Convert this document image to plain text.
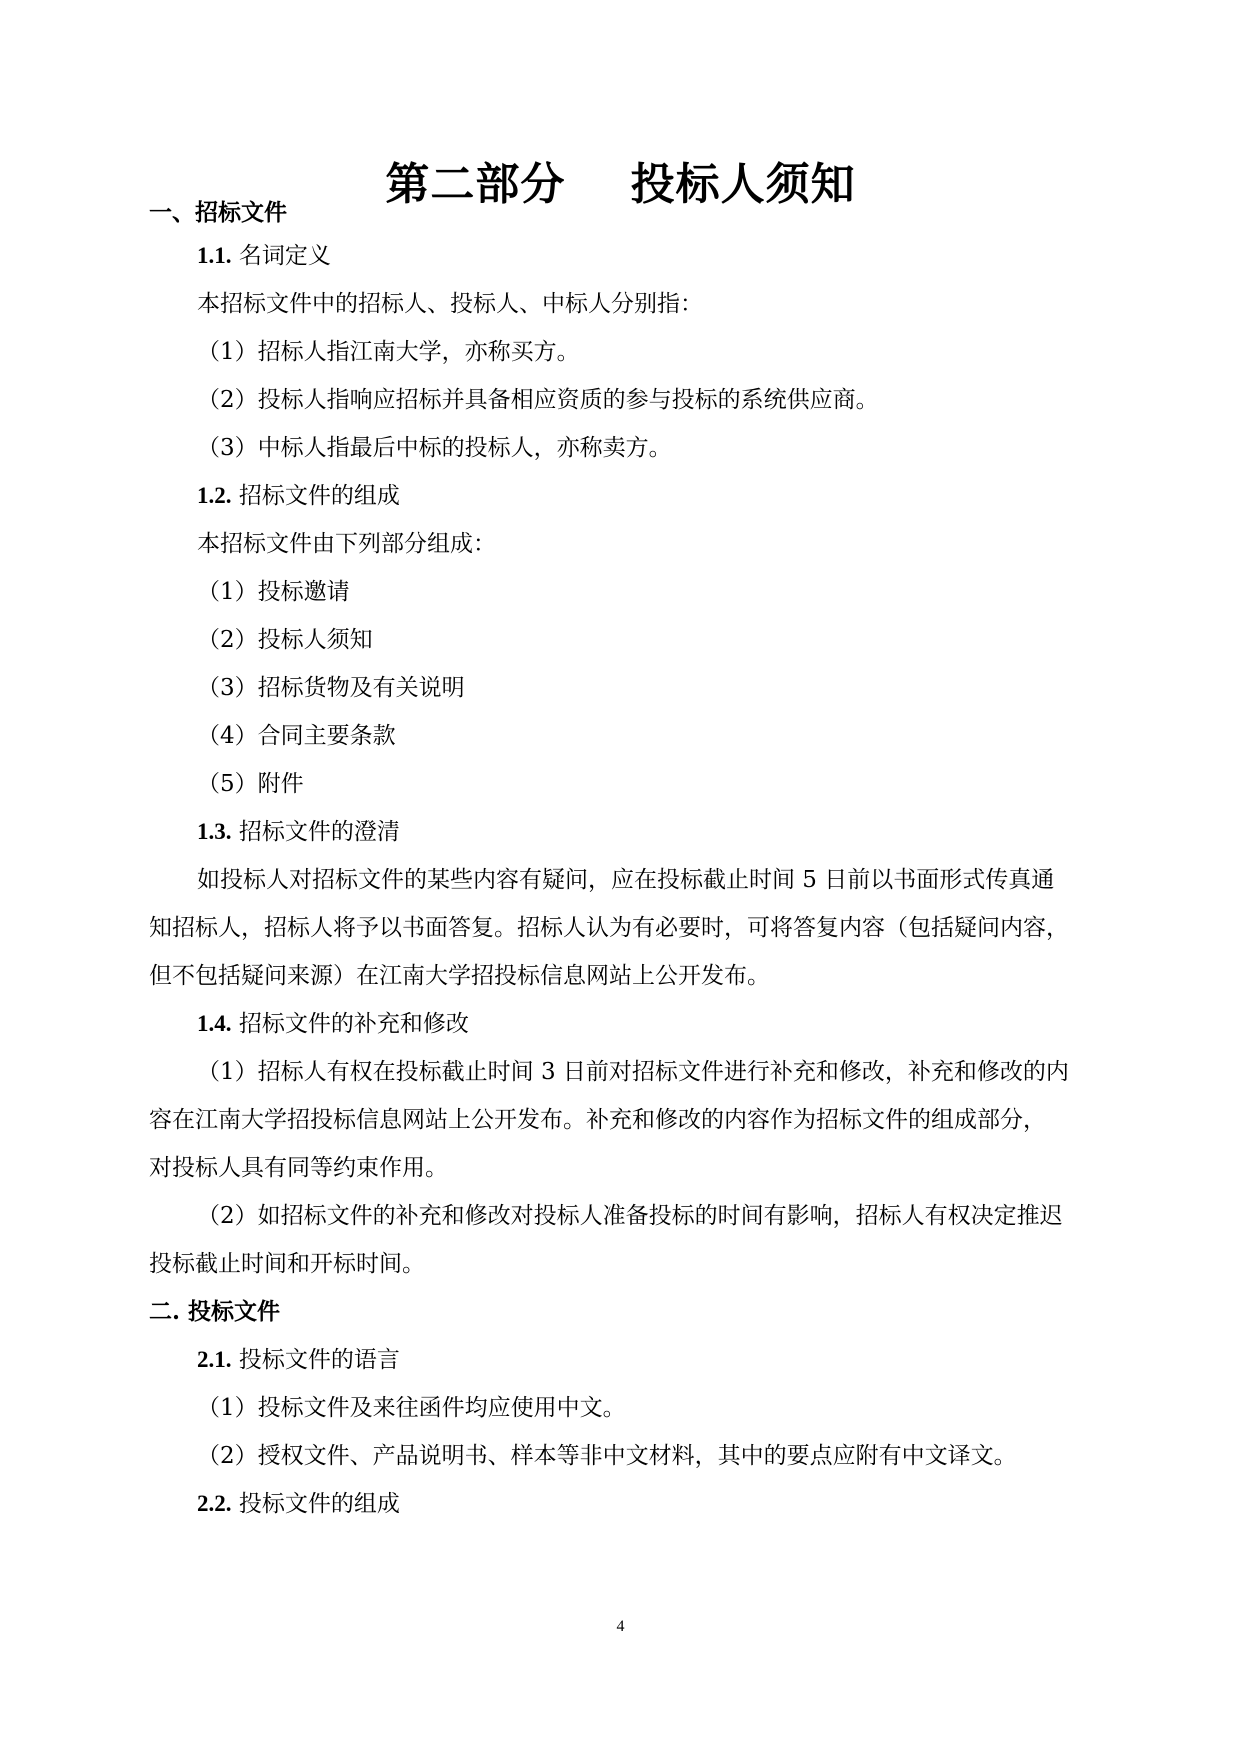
第二部分    投标人须知
一、招标文件
1.1. 名词定义
本招标文件中的招标人、投标人、中标人分别指：
（1）招标人指江南大学，亦称买方。
（2）投标人指响应招标并具备相应资质的参与投标的系统供应商。
（3）中标人指最后中标的投标人，亦称卖方。
1.2. 招标文件的组成
本招标文件由下列部分组成：
（1）投标邀请
（2）投标人须知
（3）招标货物及有关说明
（4）合同主要条款
（5）附件
1.3. 招标文件的澄清
如投标人对招标文件的某些内容有疑问，应在投标截止时间 5 日前以书面形式传真通
知招标人，招标人将予以书面答复。招标人认为有必要时，可将答复内容（包括疑问内容，
但不包括疑问来源）在江南大学招投标信息网站上公开发布。
1.4. 招标文件的补充和修改
（1）招标人有权在投标截止时间 3 日前对招标文件进行补充和修改，补充和修改的内
容在江南大学招投标信息网站上公开发布。补充和修改的内容作为招标文件的组成部分，
对投标人具有同等约束作用。
（2）如招标文件的补充和修改对投标人准备投标的时间有影响，招标人有权决定推迟
投标截止时间和开标时间。
二. 投标文件
2.1. 投标文件的语言
（1）投标文件及来往函件均应使用中文。
（2）授权文件、产品说明书、样本等非中文材料，其中的要点应附有中文译文。
2.2. 投标文件的组成
4
